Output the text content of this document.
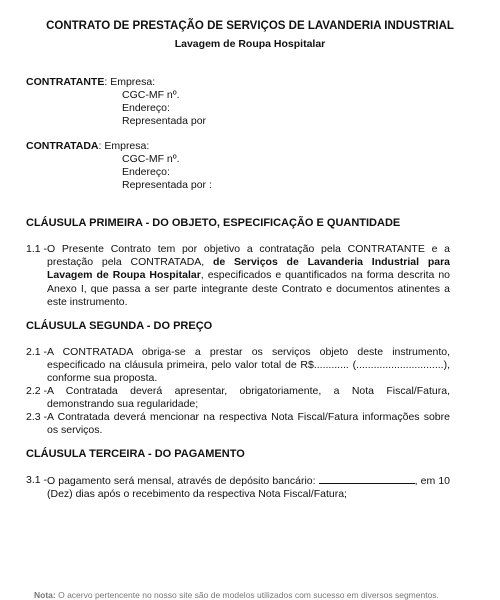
CONTRATO DE PRESTAÇÃO DE SERVIÇOS DE LAVANDERIA INDUSTRIAL
Lavagem de Roupa Hospitalar
CONTRATANTE: Empresa:
CGC-MF nº.
Endereço:
Representada por
CONTRATADA: Empresa:
CGC-MF nº.
Endereço:
Representada por :
CLÁUSULA PRIMEIRA - DO OBJETO, ESPECIFICAÇÃO E QUANTIDADE
1.1 - O Presente Contrato tem por objetivo a contratação pela CONTRATANTE e a prestação pela CONTRATADA, de Serviços de Lavanderia Industrial para Lavagem de Roupa Hospitalar, especificados e quantificados na forma descrita no Anexo I, que passa a ser parte integrante deste Contrato e documentos atinentes a este instrumento.
CLÁUSULA SEGUNDA - DO PREÇO
2.1 - A CONTRATADA obriga-se a prestar os serviços objeto deste instrumento, especificado na cláusula primeira, pelo valor total de R$............ (..............................), conforme sua proposta.
2.2 - A Contratada deverá apresentar, obrigatoriamente, a Nota Fiscal/Fatura, demonstrando sua regularidade;
2.3 - A Contratada deverá mencionar na respectiva Nota Fiscal/Fatura informações sobre os serviços.
CLÁUSULA TERCEIRA - DO PAGAMENTO
3.1 - O pagamento será mensal, através de depósito bancário:	, em 10 (Dez) dias após o recebimento da respectiva Nota Fiscal/Fatura;
Nota: O acervo pertencente no nosso site são de modelos utilizados com sucesso em diversos segmentos.
